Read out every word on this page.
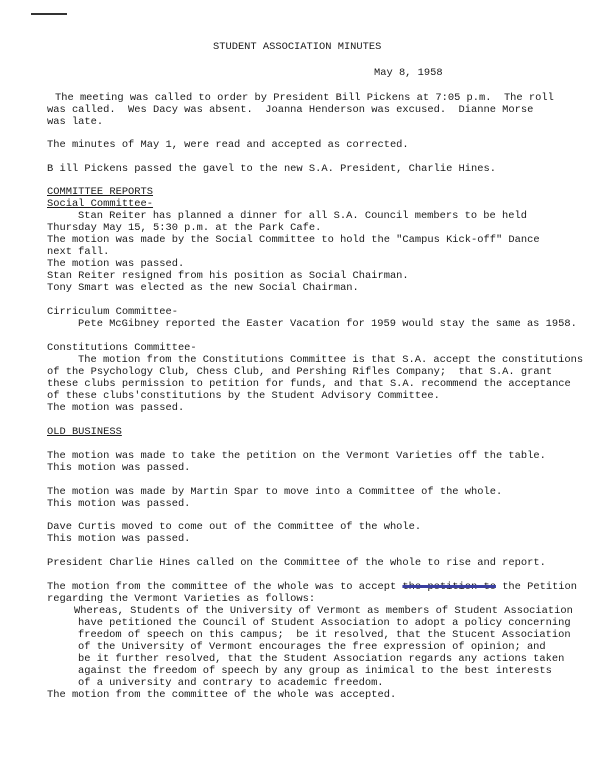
STUDENT ASSOCIATION MINUTES
May 8, 1958
The meeting was called to order by President Bill Pickens at 7:05 p.m.  The roll
was called.  Wes Dacy was absent.  Joanna Henderson was excused.  Dianne Morse
was late.
The minutes of May 1, were read and accepted as corrected.
B ill Pickens passed the gavel to the new S.A. President, Charlie Hines.
COMMITTEE REPORTS
Social Committee-
Stan Reiter has planned a dinner for all S.A. Council members to be held
Thursday May 15, 5:30 p.m. at the Park Cafe.
The motion was made by the Social Committee to hold the "Campus Kick-off" Dance
next fall.
The motion was passed.
Stan Reiter resigned from his position as Social Chairman.
Tony Smart was elected as the new Social Chairman.
Cirriculum Committee-
Pete McGibney reported the Easter Vacation for 1959 would stay the same as 1958.
Constitutions Committee-
The motion from the Constitutions Committee is that S.A. accept the constitutions
of the Psychology Club, Chess Club, and Pershing Rifles Company;  that S.A. grant
these clubs permission to petition for funds, and that S.A. recommend the acceptance
of these clubs'constitutions by the Student Advisory Committee.
The motion was passed.
OLD BUSINESS
The motion was made to take the petition on the Vermont Varieties off the table.
This motion was passed.
The motion was made by Martin Spar to move into a Committee of the whole.
This motion was passed.
Dave Curtis moved to come out of the Committee of the whole.
This motion was passed.
President Charlie Hines called on the Committee of the whole to rise and report.
The motion from the committee of the whole was to accept the petition to the Petition
regarding the Vermont Varieties as follows:
Whereas, Students of the University of Vermont as members of Student Association
have petitioned the Council of Student Association to adopt a policy concerning
freedom of speech on this campus;  be it resolved, that the Stucent Association
of the University of Vermont encourages the free expression of opinion; and
be it further resolved, that the Student Association regards any actions taken
against the freedom of speech by any group as inimical to the best interests
of a university and contrary to academic freedom.
The motion from the committee of the whole was accepted.
